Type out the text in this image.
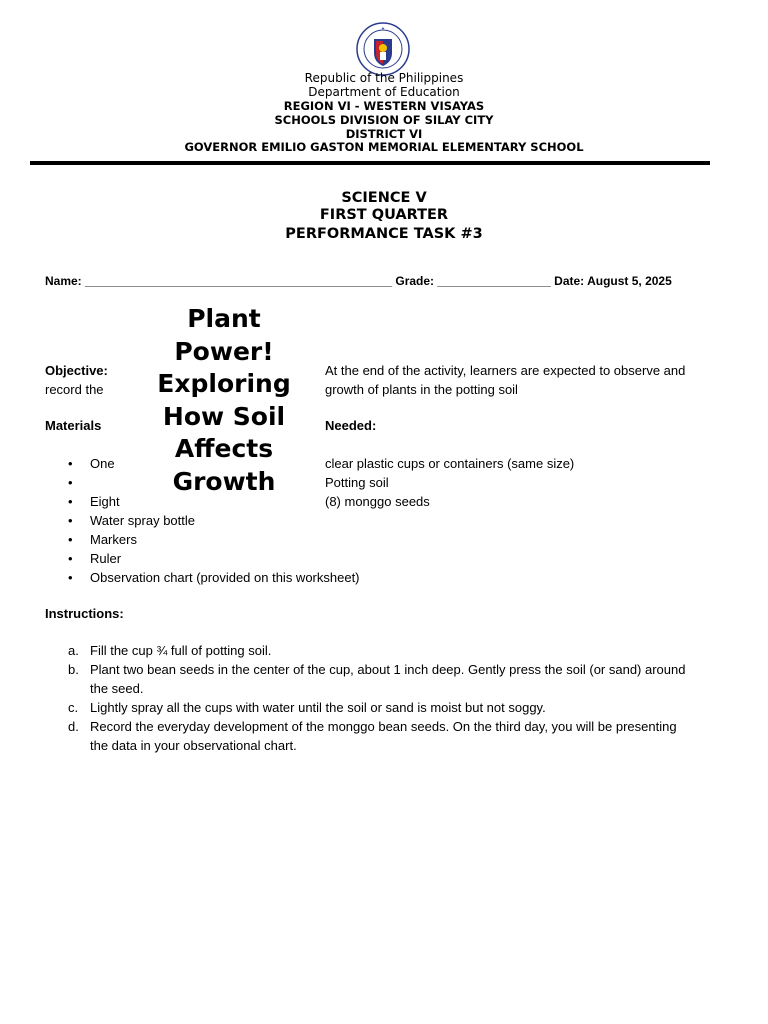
✦
Republic of the Philippines
Department of Education
REGION VI - WESTERN VISAYAS
SCHOOLS DIVISION OF SILAY CITY
DISTRICT VI
GOVERNOR EMILIO GASTON MEMORIAL ELEMENTARY SCHOOL
SCIENCE V
FIRST QUARTER
PERFORMANCE TASK #3
Name: ______________________________________________ Grade: _________________ Date: August 5, 2025
Objective:	At the end of the activity, learners are expected to observe and
record the	growth of plants in the potting soil
Materials	Needed:
• One	clear plastic cups or containers (same size)
•	Potting soil
• Eight	(8) monggo seeds
• Water spray bottle
• Markers
• Ruler
• Observation chart (provided on this worksheet)
Plant
Power!
Exploring
How Soil
Affects
Growth
Instructions:
a. Fill the cup ¾ full of potting soil.
b. Plant two bean seeds in the center of the cup, about 1 inch deep. Gently press the soil (or sand) around
the seed.
c. Lightly spray all the cups with water until the soil or sand is moist but not soggy.
d. Record the everyday development of the monggo bean seeds. On the third day, you will be presenting
the data in your observational chart.
